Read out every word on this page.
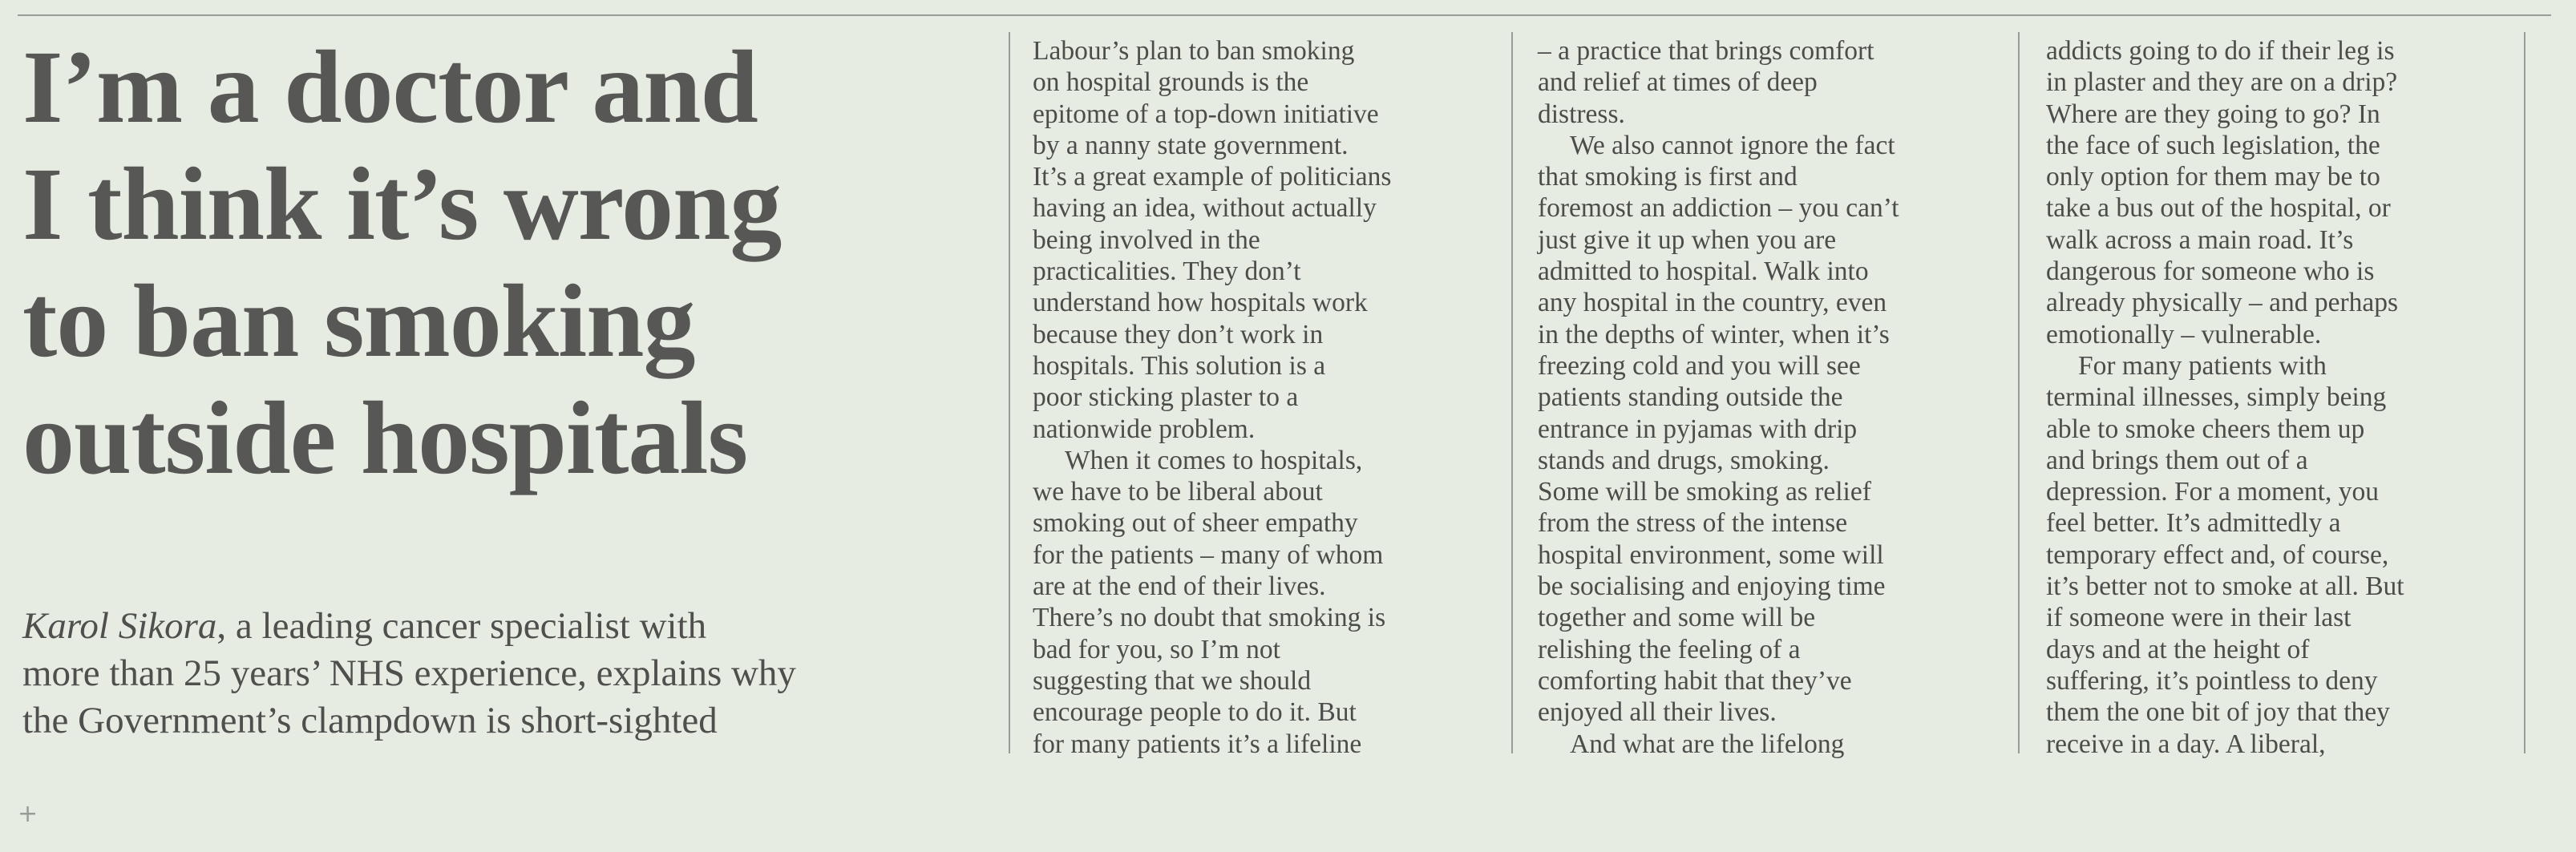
I’m a doctor and
I think it’s wrong
to ban smoking
outside hospitals

Karol Sikora, a leading cancer specialist with
more than 25 years’ NHS experience, explains why
the Government’s clampdown is short-sighted

Labour’s plan to ban smoking
on hospital grounds is the
epitome of a top-down initiative
by a nanny state government.
It’s a great example of politicians
having an idea, without actually
being involved in the
practicalities. They don’t
understand how hospitals work
because they don’t work in
hospitals. This solution is a
poor sticking plaster to a
nationwide problem.
When it comes to hospitals,
we have to be liberal about
smoking out of sheer empathy
for the patients – many of whom
are at the end of their lives.
There’s no doubt that smoking is
bad for you, so I’m not
suggesting that we should
encourage people to do it. But
for many patients it’s a lifeline
– a practice that brings comfort
and relief at times of deep
distress.
We also cannot ignore the fact
that smoking is first and
foremost an addiction – you can’t
just give it up when you are
admitted to hospital. Walk into
any hospital in the country, even
in the depths of winter, when it’s
freezing cold and you will see
patients standing outside the
entrance in pyjamas with drip
stands and drugs, smoking.
Some will be smoking as relief
from the stress of the intense
hospital environment, some will
be socialising and enjoying time
together and some will be
relishing the feeling of a
comforting habit that they’ve
enjoyed all their lives.
And what are the lifelong
addicts going to do if their leg is
in plaster and they are on a drip?
Where are they going to go? In
the face of such legislation, the
only option for them may be to
take a bus out of the hospital, or
walk across a main road. It’s
dangerous for someone who is
already physically – and perhaps
emotionally – vulnerable.
For many patients with
terminal illnesses, simply being
able to smoke cheers them up
and brings them out of a
depression. For a moment, you
feel better. It’s admittedly a
temporary effect and, of course,
it’s better not to smoke at all. But
if someone were in their last
days and at the height of
suffering, it’s pointless to deny
them the one bit of joy that they
receive in a day. A liberal,
+
